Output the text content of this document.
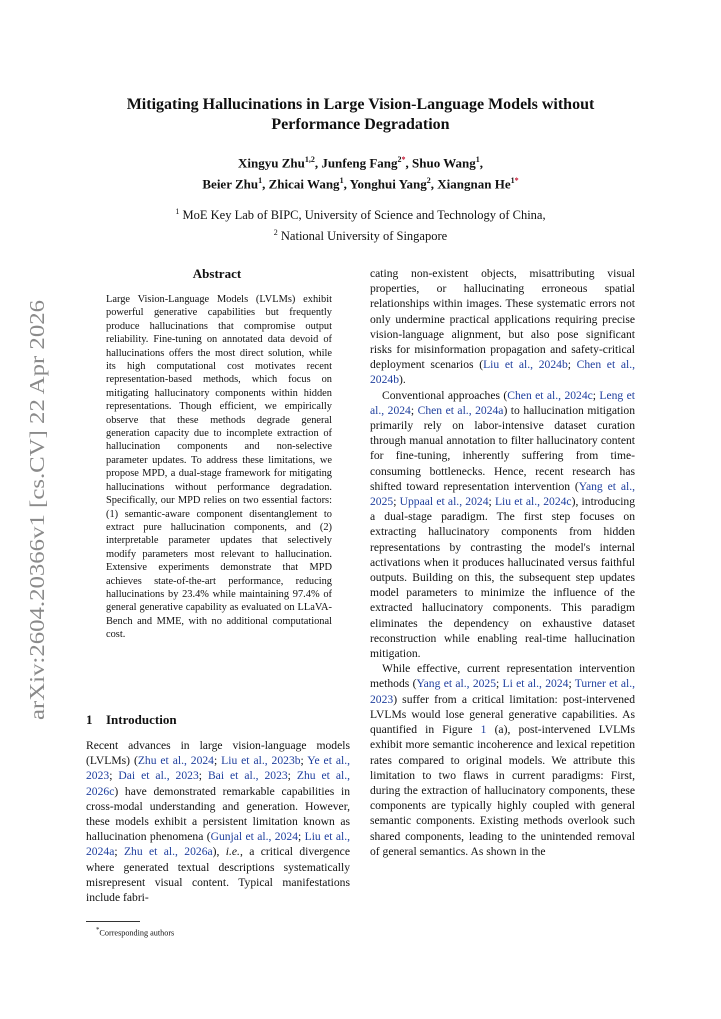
arXiv:2604.20366v1 [cs.CV] 22 Apr 2026
Mitigating Hallucinations in Large Vision-Language Models without
Performance Degradation
Xingyu Zhu$^{1,2}$, Junfeng Fang$^{2*}$, Shuo Wang$^1$,
Beier Zhu$^1$, Zhicai Wang$^1$, Yonghui Yang$^2$, Xiangnan $He^{1*}$
$^1$ MoE Key Lab of BIPC, University of Science and Technology of China,
$^2$ National University of Singapore
Abstract
Large Vision-Language Models (LVLMs) exhibit powerful generative capabilities but frequently produce hallucinations that compromise output reliability. Fine-tuning on annotated data devoid of hallucinations offers the most direct solution, while its high computational cost motivates recent representation-based methods, which focus on mitigating hallucinatory components within hidden representations. Though efficient, we empirically observe that these methods degrade general generation capacity due to incomplete extraction of hallucination components and non-selective parameter updates. To address these limitations, we propose MPD, a dual-stage framework for mitigating hallucinations without performance degradation. Specifically, our MPD relies on two essential factors: (1) semantic-aware component disentanglement to extract pure hallucination components, and (2) interpretable parameter updates that selectively modify parameters most relevant to hallucination. Extensive experiments demonstrate that MPD achieves state-of-the-art performance, reducing hallucinations by 23.4% while maintaining 97.4% of general generative capability as evaluated on LLaVA-Bench and MME, with no additional computational cost.
1 Introduction
Recent advances in large vision-language models (LVLMs) (Zhu et al., 2024; Liu et al., 2023b; Ye et al., 2023; Dai et al., 2023; Bai et al., 2023; Zhu et al., 2026c) have demonstrated remarkable capabilities in cross-modal understanding and generation. However, these models exhibit a persistent limitation known as hallucination phenomena (Gunjal et al., 2024; Liu et al., 2024a; Zhu et al., 2026a), i.e., a critical divergence where generated textual descriptions systematically misrepresent visual content. Typical manifestations include fabri-

cating non-existent objects, misattributing visual properties, or hallucinating erroneous spatial relationships within images. These systematic errors not only undermine practical applications requiring precise vision-language alignment, but also pose significant risks for misinformation propagation and safety-critical deployment scenarios (Liu et al., 2024b; Chen et al., 2024b).

Conventional approaches (Chen et al., 2024c; Leng et al., 2024; Chen et al., 2024a) to hallucination mitigation primarily rely on labor-intensive dataset curation through manual annotation to filter hallucinatory content for fine-tuning, inherently suffering from time-consuming bottlenecks. Hence, recent research has shifted toward representation intervention (Yang et al., 2025; Uppaal et al., 2024; Liu et al., 2024c), introducing a dual-stage paradigm. The first step focuses on extracting hallucinatory components from hidden representations by contrasting the model's internal activations when it produces hallucinated versus faithful outputs. Building on this, the subsequent step updates model parameters to minimize the influence of the extracted hallucinatory components. This paradigm eliminates the dependency on exhaustive dataset reconstruction while enabling real-time hallucination mitigation.

While effective, current representation intervention methods (Yang et al., 2025; Li et al., 2024; Turner et al., 2023) suffer from a critical limitation: post-intervened LVLMs would lose general generative capabilities. As quantified in Figure 1 (a), post-intervened LVLMs exhibit more semantic incoherence and lexical repetition rates compared to original models. We attribute this limitation to two flaws in current paradigms: First, during the extraction of hallucinatory components, these components are typically highly coupled with general semantic components. Existing methods overlook such shared components, leading to the unintended removal of general semantics. As shown in the

*Corresponding authors
